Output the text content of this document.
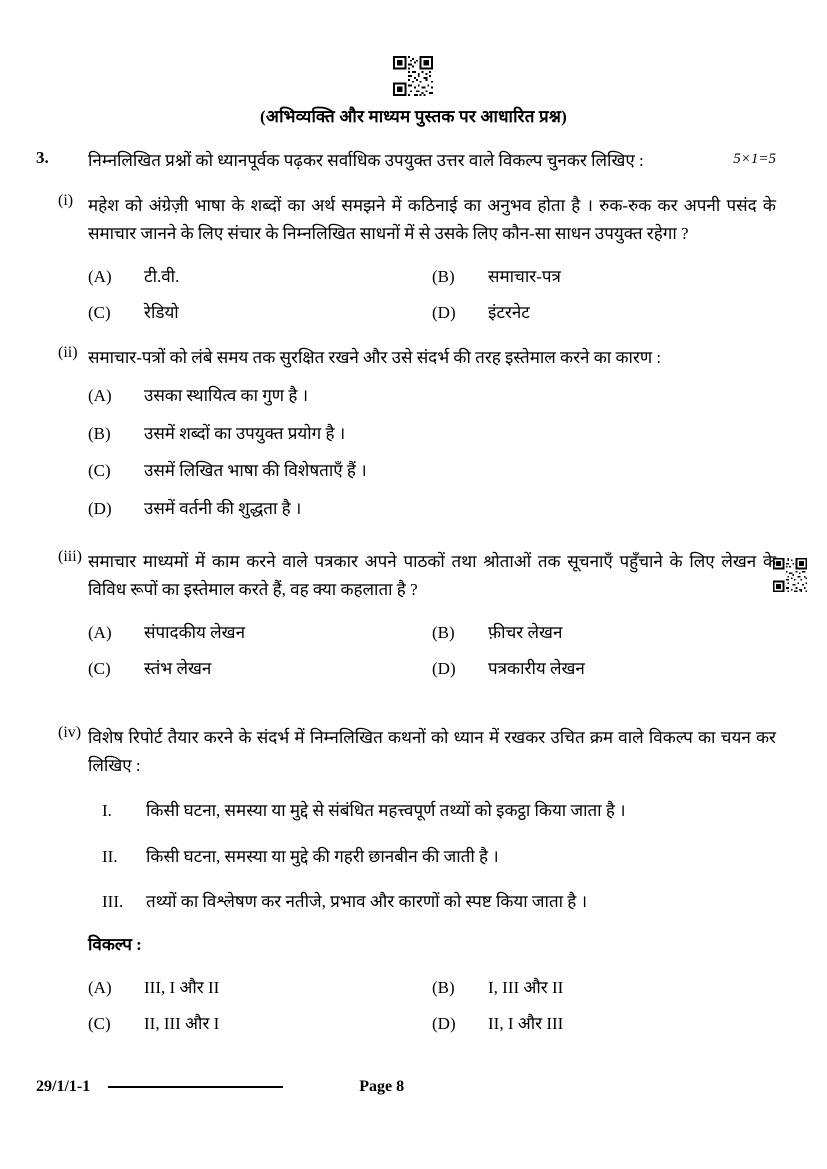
(अभिव्यक्ति और माध्यम पुस्तक पर आधारित प्रश्न)
3.	5×1=5
निम्नलिखित प्रश्नों को ध्यानपूर्वक पढ़कर सर्वाधिक उपयुक्त उत्तर वाले विकल्प चुनकर लिखिए :
(i) महेश को अंग्रेज़ी भाषा के शब्दों का अर्थ समझने में कठिनाई का अनुभव होता है । रुक-रुक कर अपनी पसंद के समाचार जानने के लिए संचार के निम्नलिखित साधनों में से उसके लिए कौन-सा साधन उपयुक्त रहेगा ?
(A)	टी.वी.	(B)	समाचार-पत्र
(C)	रेडियो	(D)	इंटरनेट
(ii) समाचार-पत्रों को लंबे समय तक सुरक्षित रखने और उसे संदर्भ की तरह इस्तेमाल करने का कारण :
(A)	उसका स्थायित्व का गुण है ।
(B)	उसमें शब्दों का उपयुक्त प्रयोग है ।
(C)	उसमें लिखित भाषा की विशेषताएँ हैं ।
(D)	उसमें वर्तनी की शुद्धता है ।
(iii) समाचार माध्यमों में काम करने वाले पत्रकार अपने पाठकों तथा श्रोताओं तक सूचनाएँ पहुँचाने के लिए लेखन के विविध रूपों का इस्तेमाल करते हैं, वह क्या कहलाता है ?
(A)	संपादकीय लेखन	(B)	फ़ीचर लेखन
(C)	स्तंभ लेखन	(D)	पत्रकारीय लेखन
(iv) विशेष रिपोर्ट तैयार करने के संदर्भ में निम्नलिखित कथनों को ध्यान में रखकर उचित क्रम वाले विकल्प का चयन कर लिखिए :
I.	किसी घटना, समस्या या मुद्दे से संबंधित महत्त्वपूर्ण तथ्यों को इकट्ठा किया जाता है ।
II.	किसी घटना, समस्या या मुद्दे की गहरी छानबीन की जाती है ।
III.	तथ्यों का विश्लेषण कर नतीजे, प्रभाव और कारणों को स्पष्ट किया जाता है ।
विकल्प :
(A)	III, I और II	(B)	I, III और II
(C)	II, III और I	(D)	II, I और III
29/1/1-1	Page 8
